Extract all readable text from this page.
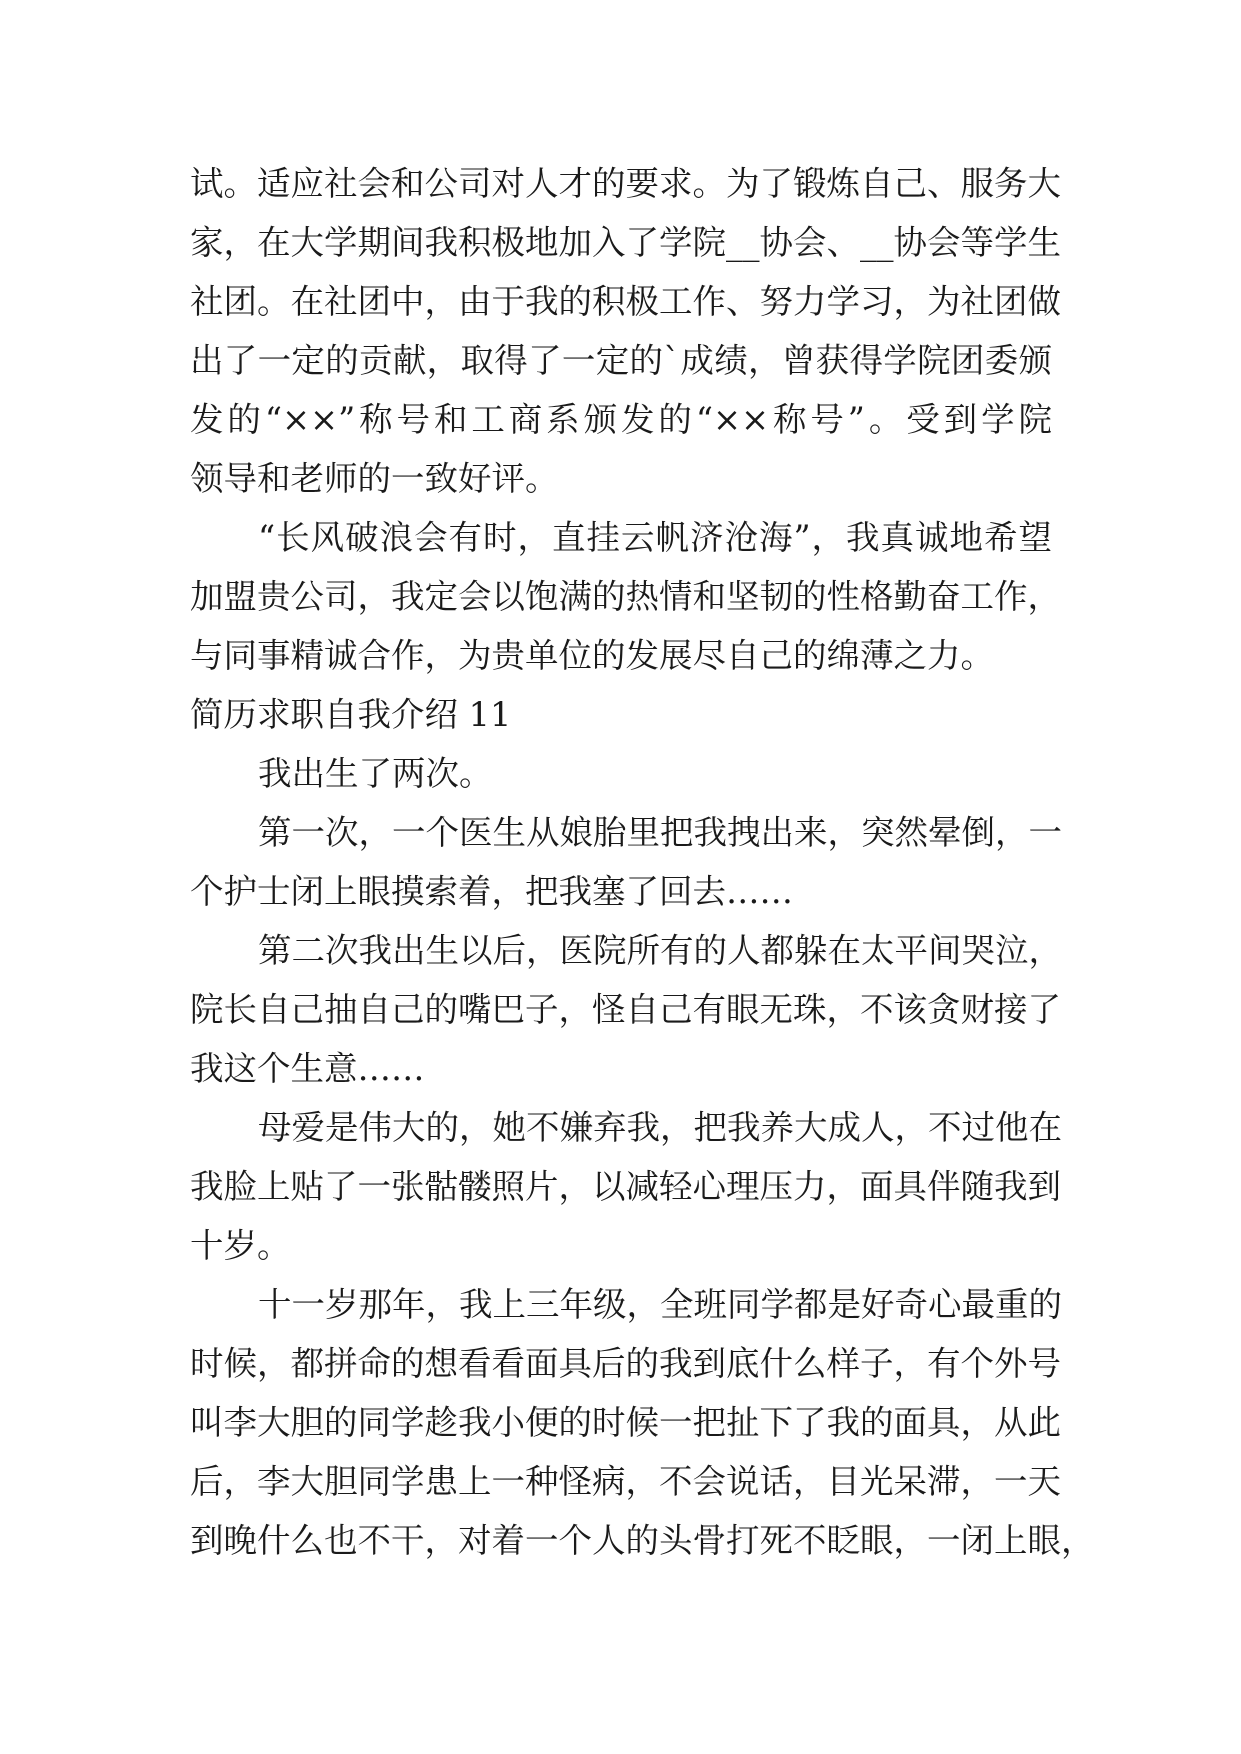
试。适应社会和公司对人才的要求。为了锻炼自己、服务大
家，在大学期间我积极地加入了学院__协会、__协会等学生
社团。在社团中，由于我的积极工作、努力学习，为社团做
出了一定的贡献，取得了一定的`成绩，曾获得学院团委颁
发的“××”称号和工商系颁发的“××称号”。受到学院
领导和老师的一致好评。
“长风破浪会有时，直挂云帆济沧海”，我真诚地希望
加盟贵公司，我定会以饱满的热情和坚韧的性格勤奋工作，
与同事精诚合作，为贵单位的发展尽自己的绵薄之力。
简历求职自我介绍 11
我出生了两次。
第一次，一个医生从娘胎里把我拽出来，突然晕倒，一
个护士闭上眼摸索着，把我塞了回去……
第二次我出生以后，医院所有的人都躲在太平间哭泣，
院长自己抽自己的嘴巴子，怪自己有眼无珠，不该贪财接了
我这个生意……
母爱是伟大的，她不嫌弃我，把我养大成人，不过他在
我脸上贴了一张骷髅照片，以减轻心理压力，面具伴随我到
十岁。
十一岁那年，我上三年级，全班同学都是好奇心最重的
时候，都拼命的想看看面具后的我到底什么样子，有个外号
叫李大胆的同学趁我小便的时候一把扯下了我的面具，从此
后，李大胆同学患上一种怪病，不会说话，目光呆滞，一天
到晚什么也不干，对着一个人的头骨打死不眨眼，一闭上眼，
